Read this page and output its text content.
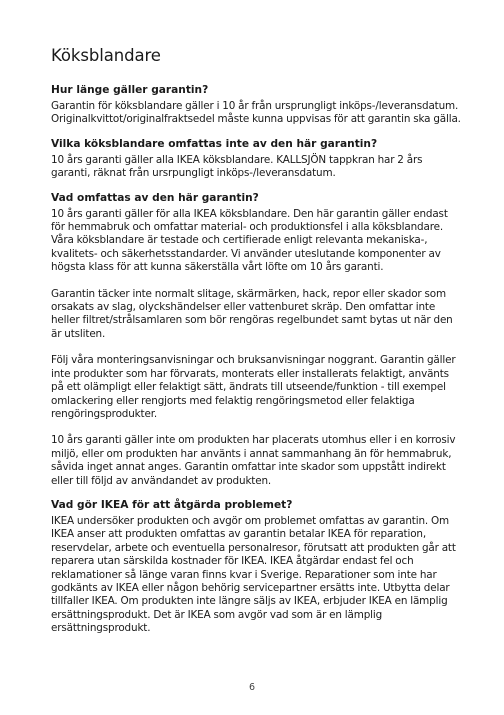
Köksblandare
Hur länge gäller garantin?

Garantin för köksblandare gäller i 10 år från ursprungligt inköps-/leveransdatum. Originalkvittot/originalfraktsedel måste kunna uppvisas för att garantin ska gälla.

Vilka köksblandare omfattas inte av den här garantin?

10 års garanti gäller alla IKEA köksblandare. KALLSJÖN tappkran har 2 års garanti, räknat från ursrpungligt inköps-/leveransdatum.

Vad omfattas av den här garantin?

10 års garanti gäller för alla IKEA köksblandare. Den här garantin gäller endast för hemmabruk och omfattar material- och produktionsfel i alla köksblandare. Våra köksblandare är testade och certifierade enligt relevanta mekaniska-, kvalitets- och säkerhetsstandarder. Vi använder uteslutande komponenter av högsta klass för att kunna säkerställa vårt löfte om 10 års garanti.

Garantin täcker inte normalt slitage, skärmärken, hack, repor eller skador som orsakats av slag, olyckshändelser eller vattenburet skräp. Den omfattar inte heller filtret/strålsamlaren som bör rengöras regelbundet samt bytas ut när den är utsliten.

Följ våra monteringsanvisningar och bruksanvisningar noggrant. Garantin gäller inte produkter som har förvarats, monterats eller installerats felaktigt, använts på ett olämpligt eller felaktigt sätt, ändrats till utseende/funktion - till exempel omlackering eller rengjorts med felaktig rengöringsmetod eller felaktiga rengöringsprodukter.

10 års garanti gäller inte om produkten har placerats utomhus eller i en korrosiv miljö, eller om produkten har använts i annat sammanhang än för hemmabruk, såvida inget annat anges. Garantin omfattar inte skador som uppstått indirekt eller till följd av användandet av produkten.

Vad gör IKEA för att åtgärda problemet?

IKEA undersöker produkten och avgör om problemet omfattas av garantin. Om IKEA anser att produkten omfattas av garantin betalar IKEA för reparation, reservdelar, arbete och eventuella personalresor, förutsatt att produkten går att reparera utan särskilda kostnader för IKEA. IKEA åtgärdar endast fel och reklamationer så länge varan finns kvar i Sverige. Reparationer som inte har godkänts av IKEA eller någon behörig servicepartner ersätts inte. Utbytta delar tillfaller IKEA. Om produkten inte längre säljs av IKEA, erbjuder IKEA en lämplig ersättningsprodukt. Det är IKEA som avgör vad som är en lämplig ersättningsprodukt.

6
